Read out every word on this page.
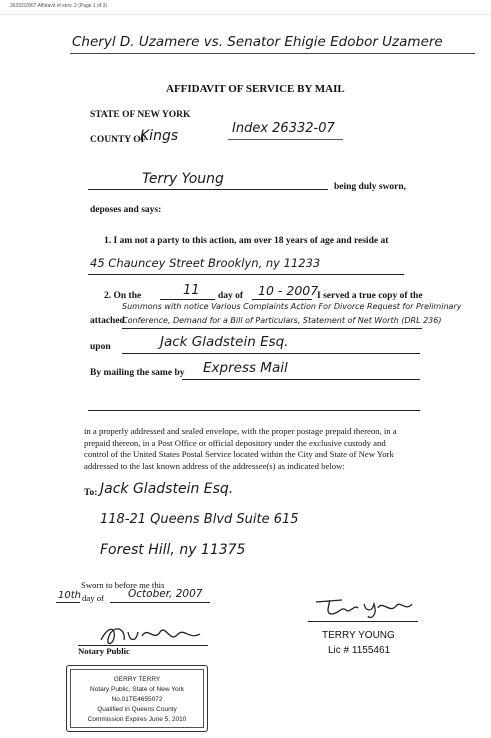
26332/2007 Affidavit of serv. 2 (Page 1 of 3)
Cheryl D. Uzamere vs. Senator Ehigie Edobor Uzamere
AFFIDAVIT OF SERVICE BY MAIL
STATE OF NEW YORK
COUNTY OF
Kings	Index 26332-07
Terry Young	being duly sworn,
deposes and says:
1. I am not a party to this action, am over 18 years of age and reside at
45 Chauncey Street Brooklyn, ny 11233
2. On the	11 day of 10 - 2007
I served a true copy of the
Summons with notice Various Complaints Action For Divorce Request for Preliminary
attached
Conference, Demand for a Bill of Particulars, Statement of Net Worth (DRL 236)
upon	Jack Gladstein Esq.
By mailing the same by Express Mail
in a properly addressed and sealed envelope, with the proper postage prepaid thereon, in a
prepaid thereon, in a Post Office or official depository under the exclusive custody and
control of the United States Postal Service located within the City and State of New York
addressed to the last known address of the addressee(s) as indicated below:
To: Jack Gladstein Esq.
118-21 Queens Blvd Suite 615
Forest Hill, ny 11375
Sworn to before me this
10th day of October, 2007
Notary Public
TERRY YOUNG
Lic # 1155461
GERRY TERRY
Notary Public, State of New York
No.01TE4655072
Qualified in Queens County
Commission Expires June 5, 2010
